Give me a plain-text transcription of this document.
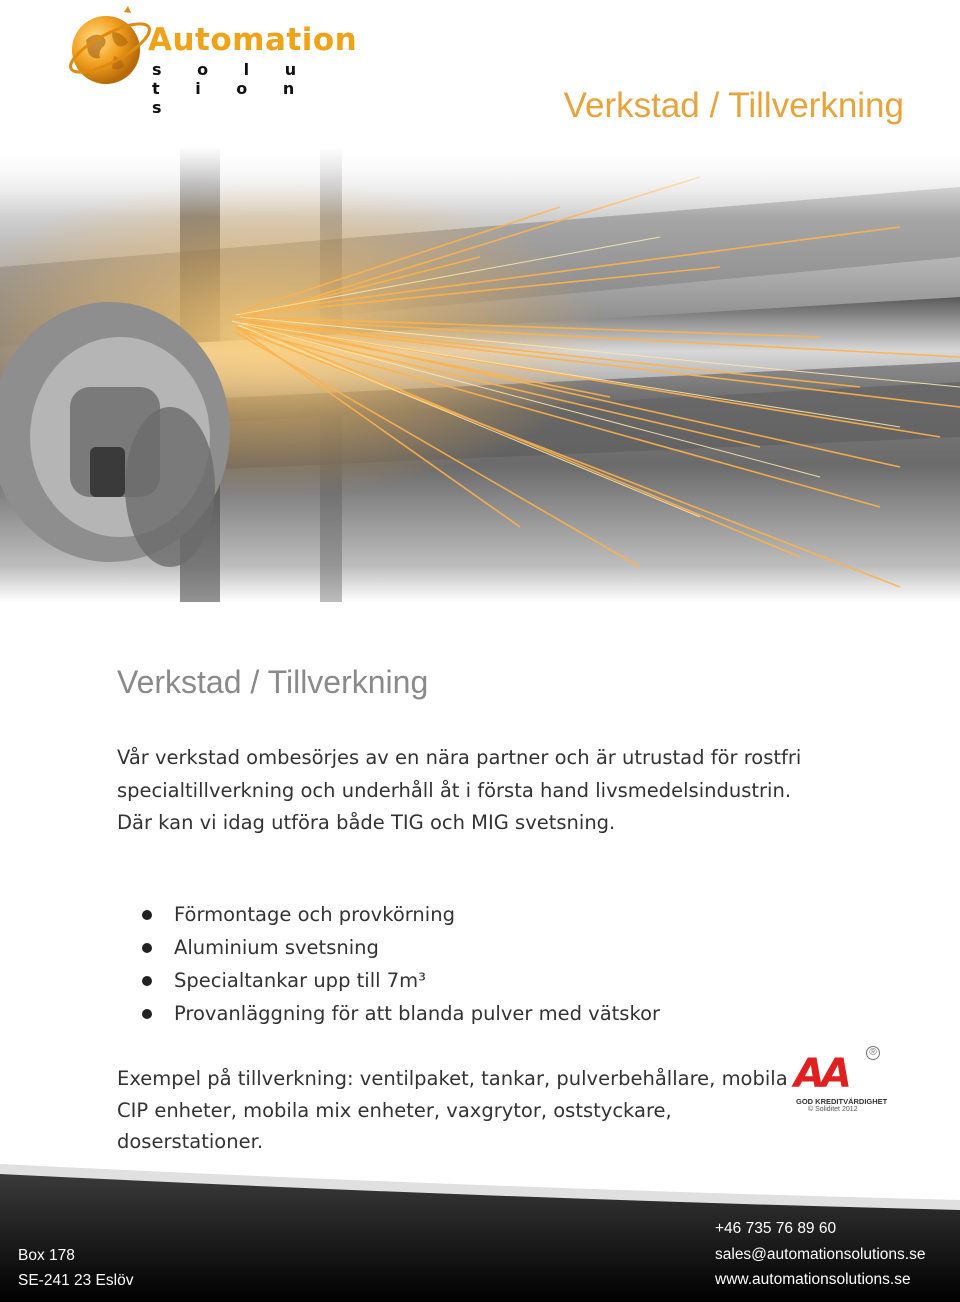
Automation
s o l u t i o n s	Verkstad / Tillverkning
Verkstad / Tillverkning

Vår verkstad ombesörjes av en nära partner och är utrustad för rostfri specialtillverkning och underhåll åt i första hand livsmedelsindustrin. Där kan vi idag utföra både TIG och MIG svetsning.

Förmontage och provkörning
Aluminium svetsning
Specialtankar upp till 7m³
Provanläggning för att blanda pulver med vätskor

Exempel på tillverkning: ventilpaket, tankar, pulverbehållare, mobila CIP enheter, mobila mix enheter, vaxgrytor, oststyckare, doserstationer.

AA	®
GOD KREDITVÄRDIGHET
© Soliditet 2012
Box 178
SE-241 23 Eslöv
+46 735 76 89 60
sales@automationsolutions.se
www.automationsolutions.se
